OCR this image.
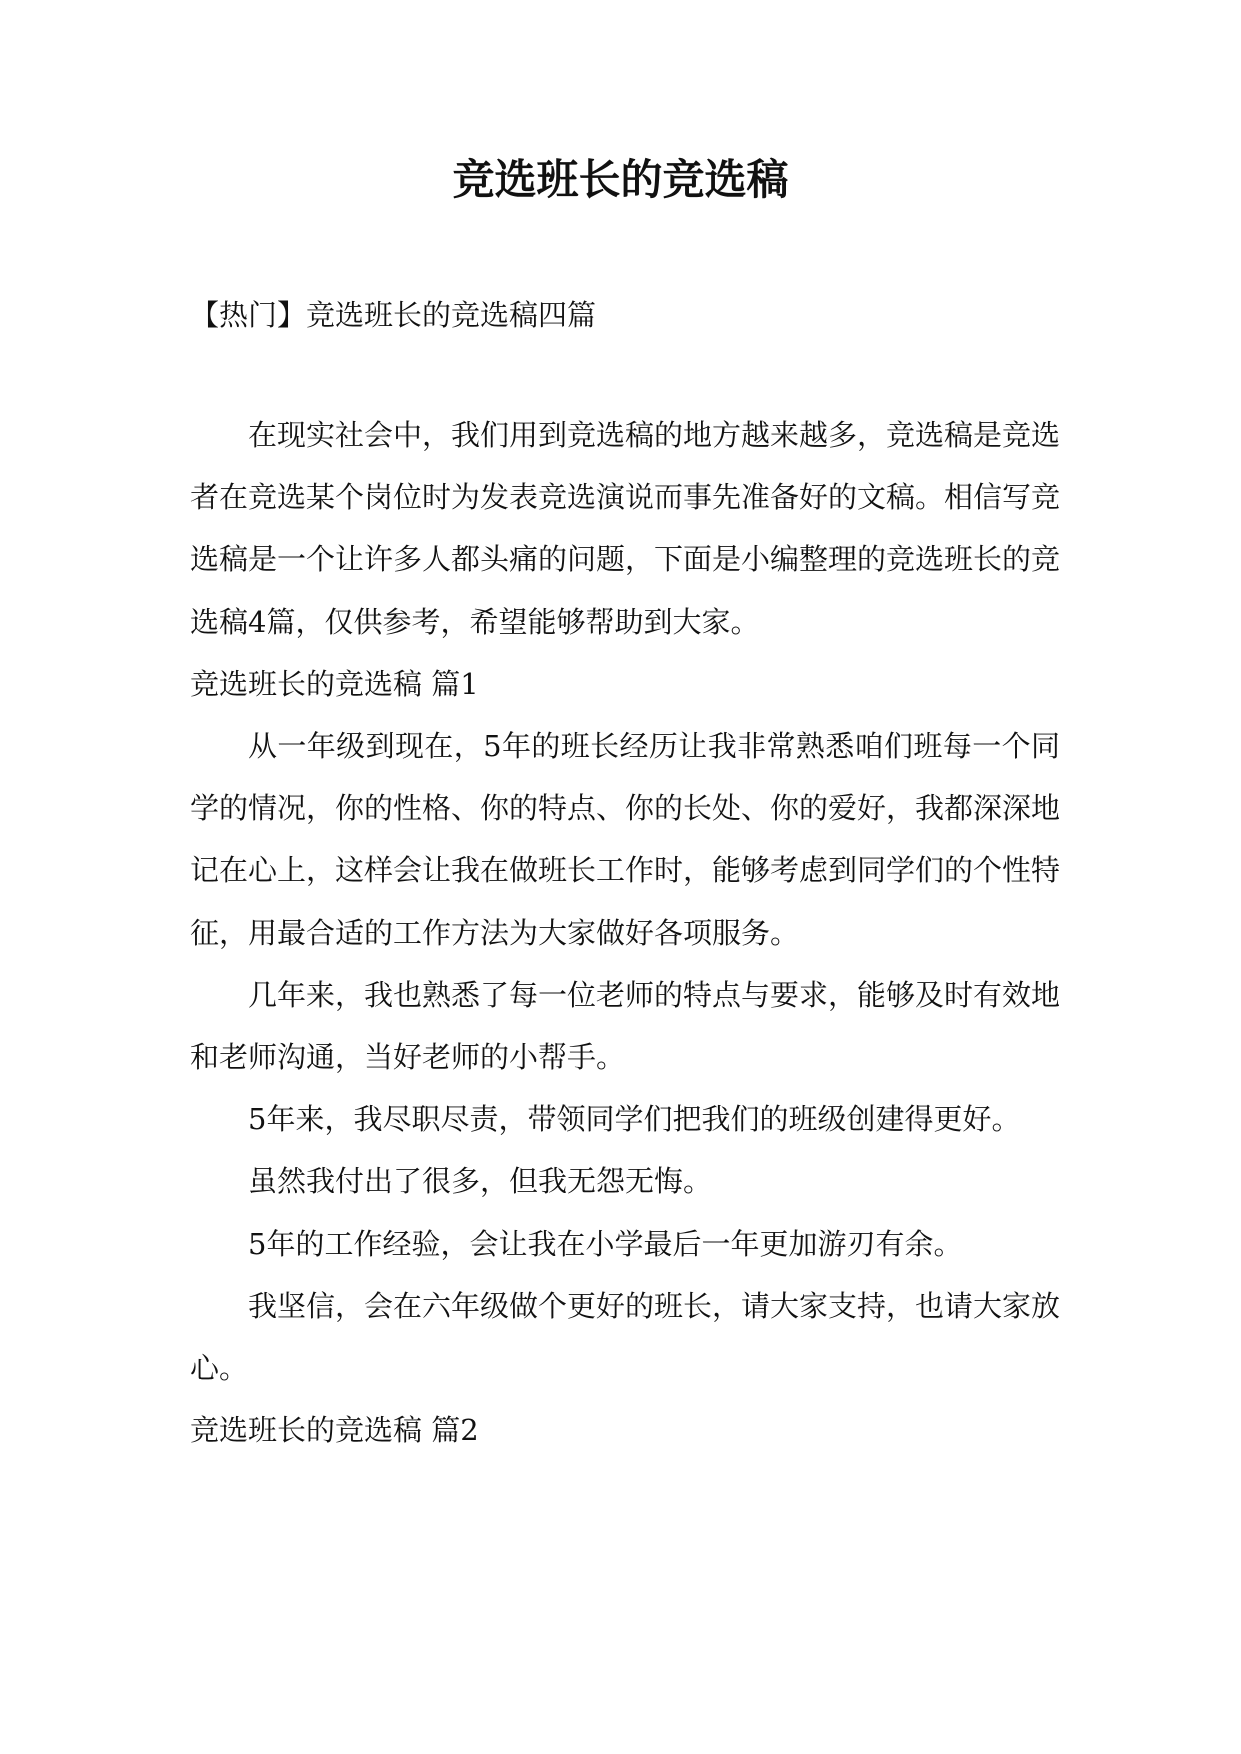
竞选班长的竞选稿
【热门】竞选班长的竞选稿四篇

在现实社会中，我们用到竞选稿的地方越来越多，竞选稿是竞选者在竞选某个岗位时为发表竞选演说而事先准备好的文稿。相信写竞选稿是一个让许多人都头痛的问题，下面是小编整理的竞选班长的竞选稿4篇，仅供参考，希望能够帮助到大家。

竞选班长的竞选稿 篇1

从一年级到现在，5年的班长经历让我非常熟悉咱们班每一个同学的情况，你的性格、你的特点、你的长处、你的爱好，我都深深地记在心上，这样会让我在做班长工作时，能够考虑到同学们的个性特征，用最合适的工作方法为大家做好各项服务。

几年来，我也熟悉了每一位老师的特点与要求，能够及时有效地和老师沟通，当好老师的小帮手。

5年来，我尽职尽责，带领同学们把我们的班级创建得更好。

虽然我付出了很多，但我无怨无悔。

5年的工作经验，会让我在小学最后一年更加游刃有余。

我坚信，会在六年级做个更好的班长，请大家支持，也请大家放心。

竞选班长的竞选稿 篇2
